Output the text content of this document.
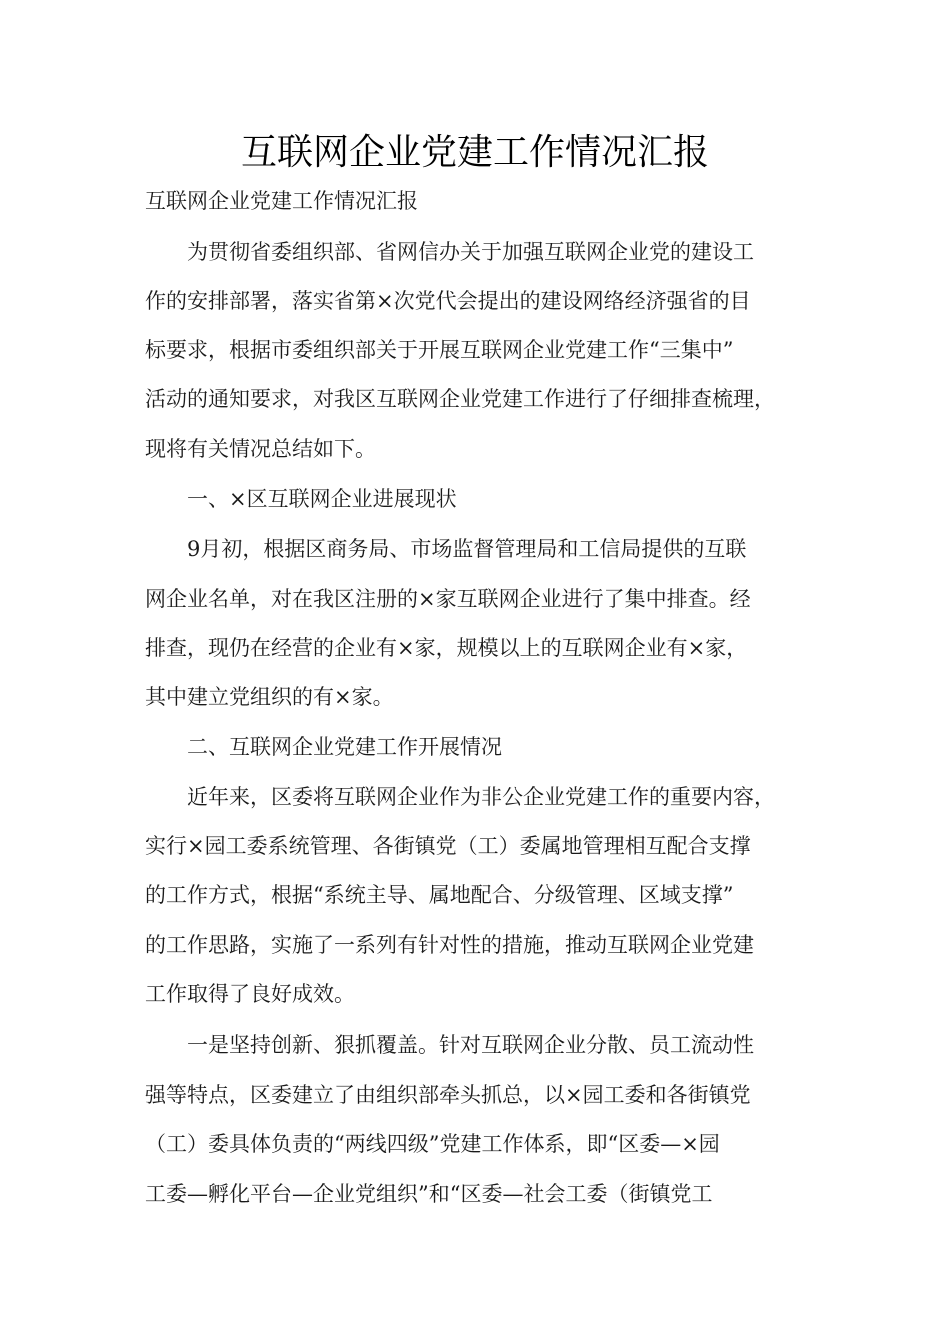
互联网企业党建工作情况汇报
互联网企业党建工作情况汇报
为贯彻省委组织部、省网信办关于加强互联网企业党的建设工
作的安排部署，落实省第×次党代会提出的建设网络经济强省的目
标要求，根据市委组织部关于开展互联网企业党建工作“三集中”
活动的通知要求，对我区互联网企业党建工作进行了仔细排查梳理，
现将有关情况总结如下。
一、×区互联网企业进展现状
9月初，根据区商务局、市场监督管理局和工信局提供的互联
网企业名单，对在我区注册的×家互联网企业进行了集中排查。经
排查，现仍在经营的企业有×家，规模以上的互联网企业有×家，
其中建立党组织的有×家。
二、互联网企业党建工作开展情况
近年来，区委将互联网企业作为非公企业党建工作的重要内容，
实行×园工委系统管理、各街镇党（工）委属地管理相互配合支撑
的工作方式，根据“系统主导、属地配合、分级管理、区域支撑”
的工作思路，实施了一系列有针对性的措施，推动互联网企业党建
工作取得了良好成效。
一是坚持创新、狠抓覆盖。针对互联网企业分散、员工流动性
强等特点，区委建立了由组织部牵头抓总，以×园工委和各街镇党
（工）委具体负责的“两线四级”党建工作体系，即“区委—×园
工委—孵化平台—企业党组织”和“区委—社会工委（街镇党工
